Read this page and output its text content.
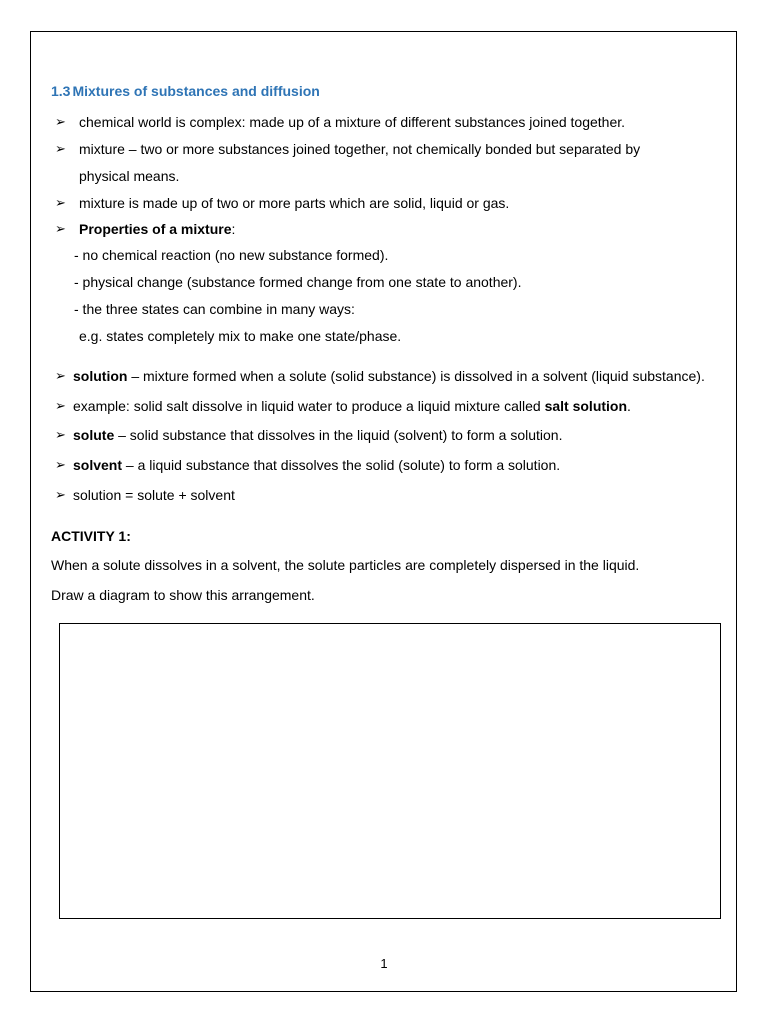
1.3 Mixtures of substances and diffusion
➢ chemical world is complex: made up of a mixture of different substances joined together.
➢ mixture – two or more substances joined together, not chemically bonded but separated by
physical means.
➢ mixture is made up of two or more parts which are solid, liquid or gas.
➢ Properties of a mixture:
- no chemical reaction (no new substance formed).
- physical change (substance formed change from one state to another).
- the three states can combine in many ways:
e.g. states completely mix to make one state/phase.
➢ solution – mixture formed when a solute (solid substance) is dissolved in a solvent (liquid substance).
➢ example: solid salt dissolve in liquid water to produce a liquid mixture called salt solution.
➢ solute – solid substance that dissolves in the liquid (solvent) to form a solution.
➢ solvent – a liquid substance that dissolves the solid (solute) to form a solution.
➢ solution = solute + solvent
ACTIVITY 1:
When a solute dissolves in a solvent, the solute particles are completely dispersed in the liquid.
Draw a diagram to show this arrangement.
1
